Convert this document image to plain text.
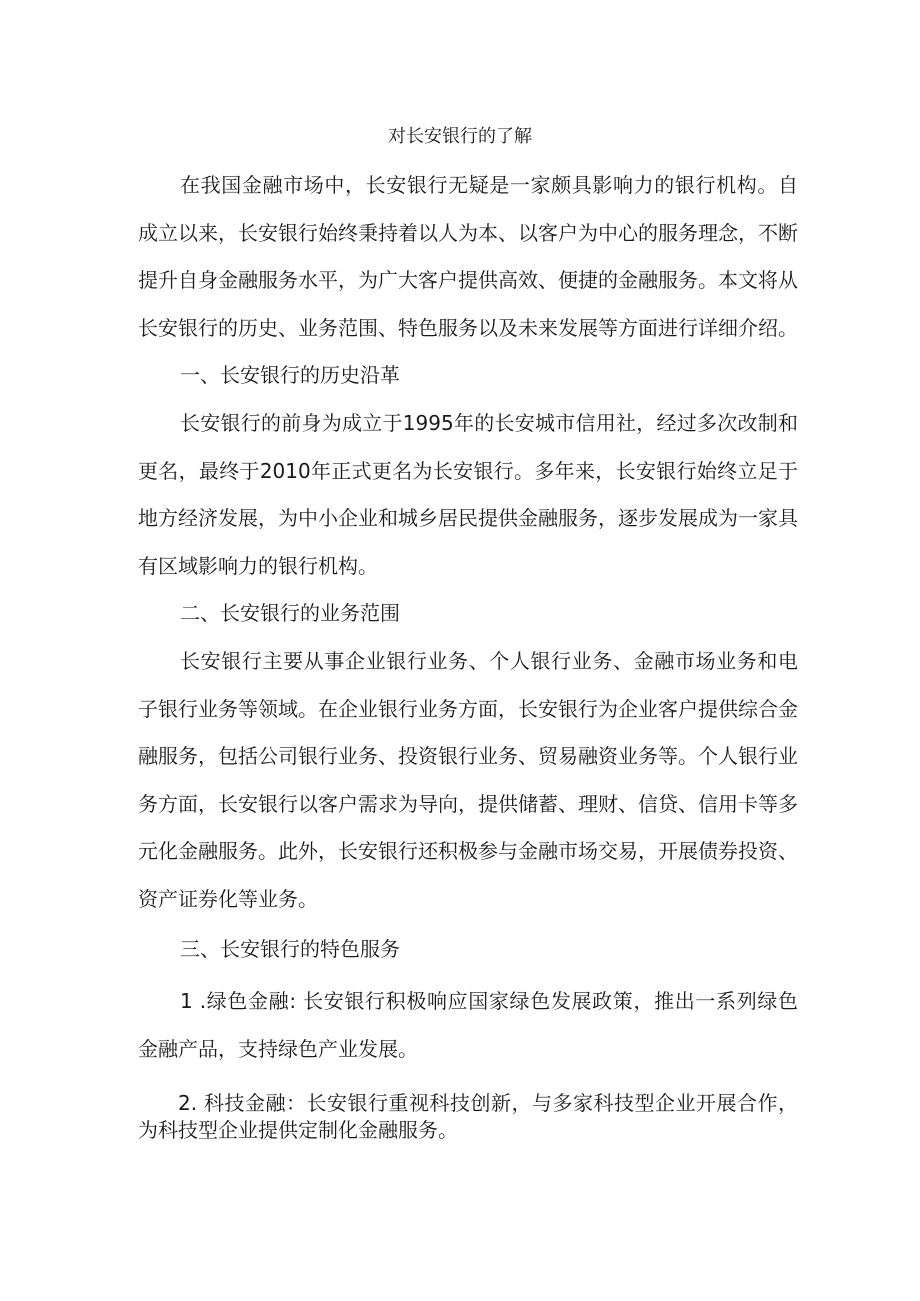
对长安银行的了解

在我国金融市场中，长安银行无疑是一家颇具影响力的银行机构。自成立以来，长安银行始终秉持着以人为本、以客户为中心的服务理念，不断提升自身金融服务水平，为广大客户提供高效、便捷的金融服务。本文将从长安银行的历史、业务范围、特色服务以及未来发展等方面进行详细介绍。

一、长安银行的历史沿革

长安银行的前身为成立于1995年的长安城市信用社，经过多次改制和更名，最终于2010年正式更名为长安银行。多年来，长安银行始终立足于地方经济发展，为中小企业和城乡居民提供金融服务，逐步发展成为一家具有区域影响力的银行机构。

二、长安银行的业务范围

长安银行主要从事企业银行业务、个人银行业务、金融市场业务和电子银行业务等领域。在企业银行业务方面，长安银行为企业客户提供综合金融服务，包括公司银行业务、投资银行业务、贸易融资业务等。个人银行业务方面，长安银行以客户需求为导向，提供储蓄、理财、信贷、信用卡等多元化金融服务。此外，长安银行还积极参与金融市场交易，开展债券投资、资产证券化等业务。

三、长安银行的特色服务

1 .绿色金融: 长安银行积极响应国家绿色发展政策，推出一系列绿色金融产品，支持绿色产业发展。

2. 科技金融：长安银行重视科技创新，与多家科技型企业开展合作，为科技型企业提供定制化金融服务。
